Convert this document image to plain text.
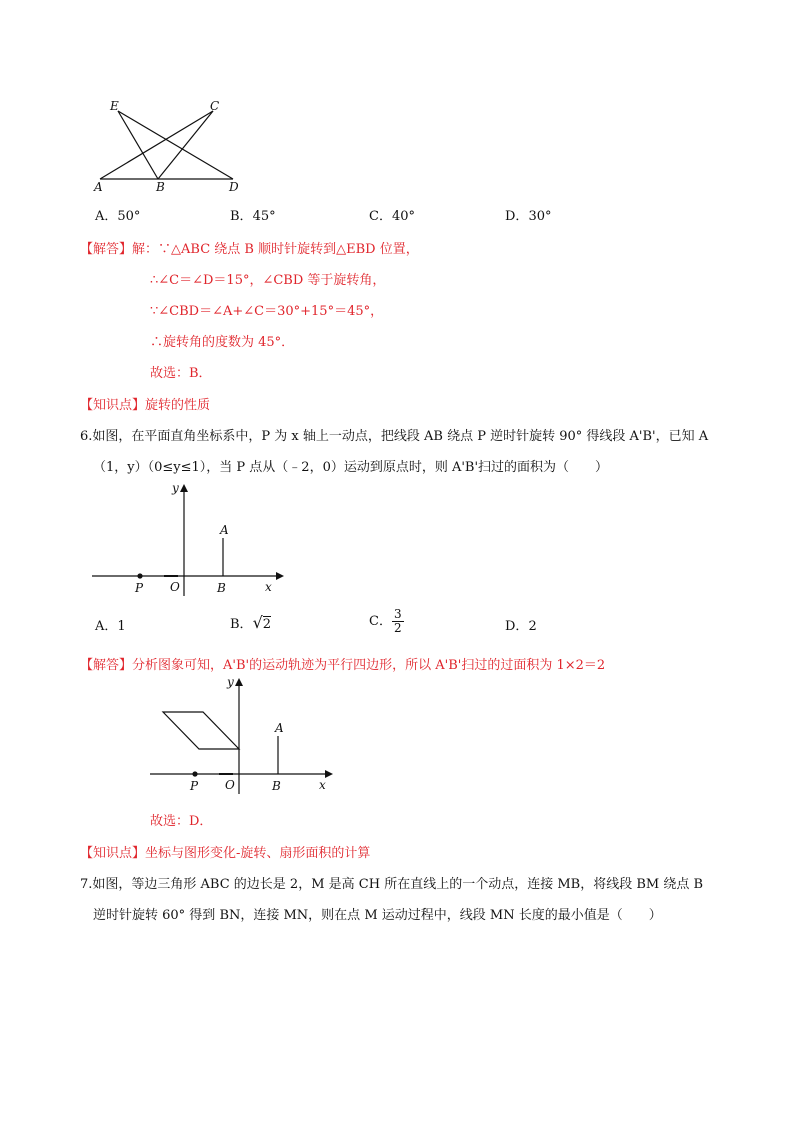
E	C
A	B	D
A．50°	B．45°	C．40°	D．30°
【解答】解：∵△ABC 绕点 B 顺时针旋转到△EBD 位置，
∴∠C＝∠D＝15°，∠CBD 等于旋转角，
∵∠CBD＝∠A+∠C＝30°+15°＝45°，
∴旋转角的度数为 45°．
故选：B．
【知识点】旋转的性质
6.如图，在平面直角坐标系中，P 为 x 轴上一动点，把线段 AB 绕点 P 逆时针旋转 90° 得线段 A'B'，已知 A
（1，y）（0≤y≤1），当 P 点从（﹣2，0）运动到原点时，则 A'B'扫过的面积为（　　）
y
A
P O	B	x
A．1	B．√2	C． $\frac{3}{2}$	D．2
【解答】分析图象可知，A'B'的运动轨迹为平行四边形，所以 A'B'扫过的过面积为 1×2＝2
y
A
P O	B	x
故选：D．
【知识点】坐标与图形变化-旋转、扇形面积的计算
7.如图，等边三角形 ABC 的边长是 2，M 是高 CH 所在直线上的一个动点，连接 MB，将线段 BM 绕点 B
逆时针旋转 60° 得到 BN，连接 MN，则在点 M 运动过程中，线段 MN 长度的最小值是（　　）
